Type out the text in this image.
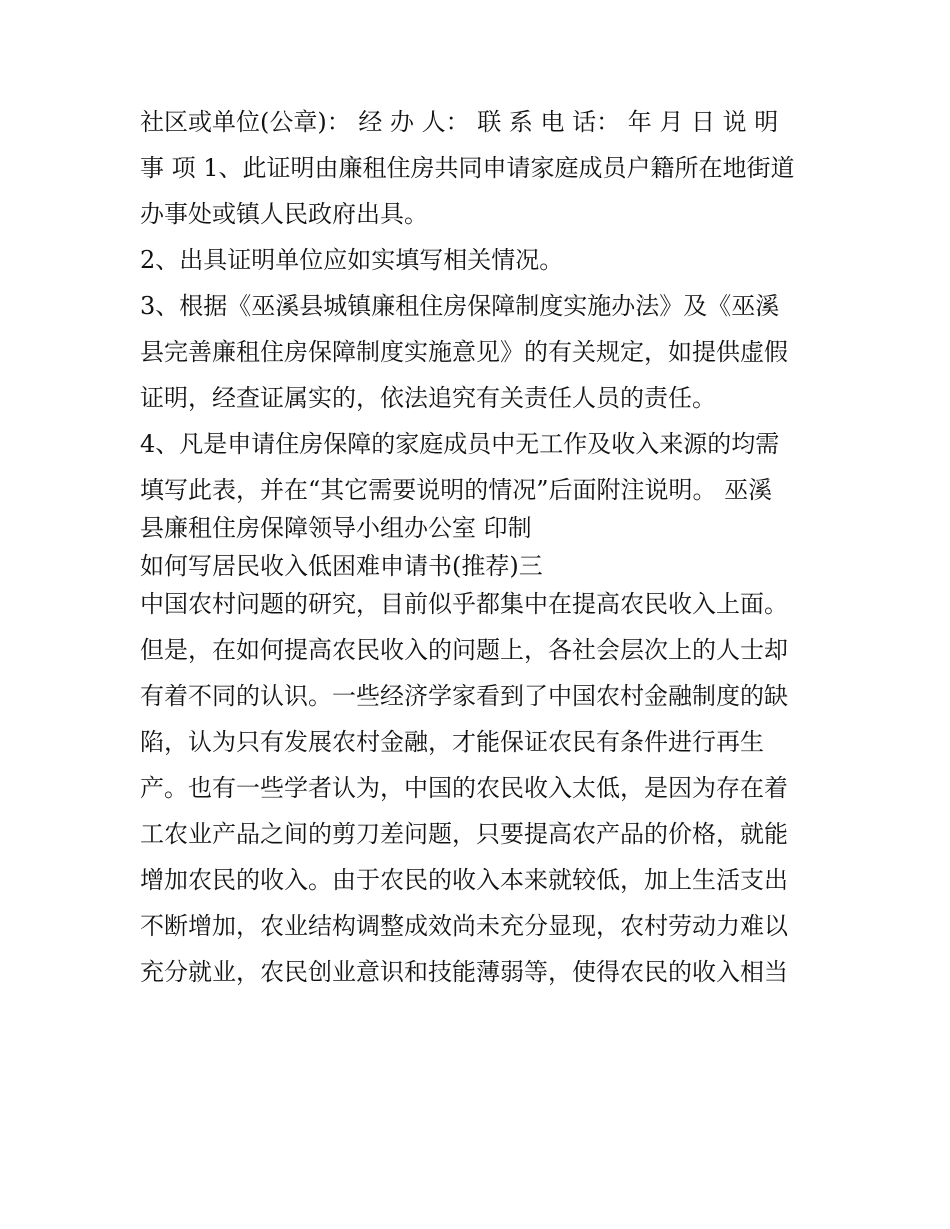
社区或单位(公章)： 经 办 人： 联 系 电 话： 年 月 日 说 明

事 项 1、此证明由廉租住房共同申请家庭成员户籍所在地街道

办事处或镇人民政府出具。

2、出具证明单位应如实填写相关情况。

3、根据《巫溪县城镇廉租住房保障制度实施办法》及《巫溪

县完善廉租住房保障制度实施意见》的有关规定，如提供虚假

证明，经查证属实的，依法追究有关责任人员的责任。

4、凡是申请住房保障的家庭成员中无工作及收入来源的均需

填写此表，并在“其它需要说明的情况”后面附注说明。 巫溪

县廉租住房保障领导小组办公室 印制

如何写居民收入低困难申请书(推荐)三

中国农村问题的研究，目前似乎都集中在提高农民收入上面。

但是，在如何提高农民收入的问题上，各社会层次上的人士却

有着不同的认识。一些经济学家看到了中国农村金融制度的缺

陷，认为只有发展农村金融，才能保证农民有条件进行再生

产。也有一些学者认为，中国的农民收入太低，是因为存在着

工农业产品之间的剪刀差问题，只要提高农产品的价格，就能

增加农民的收入。由于农民的收入本来就较低，加上生活支出

不断增加，农业结构调整成效尚未充分显现，农村劳动力难以

充分就业，农民创业意识和技能薄弱等，使得农民的收入相当
